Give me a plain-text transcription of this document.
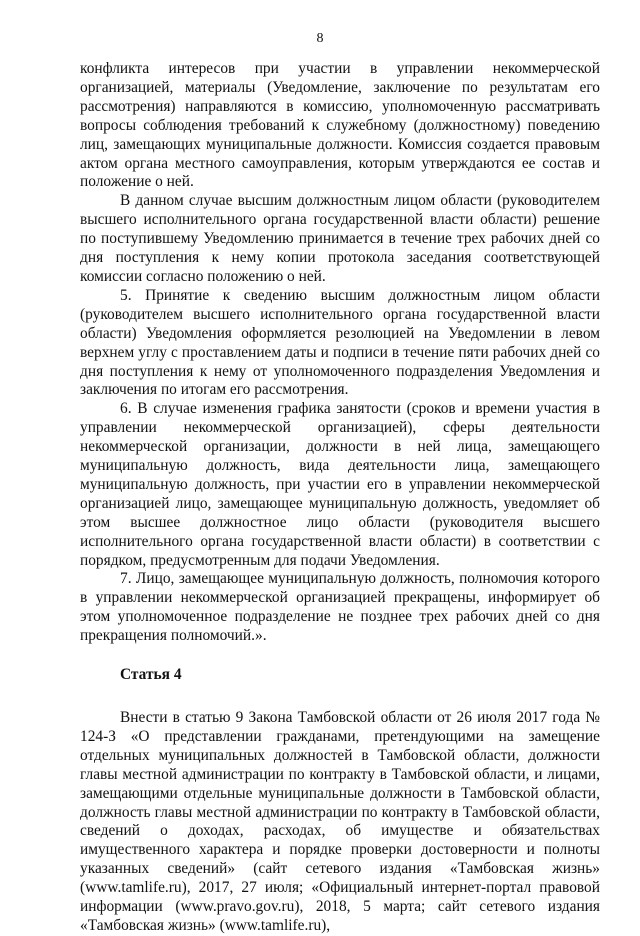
8

конфликта интересов при участии в управлении некоммерческой организацией, материалы (Уведомление, заключение по результатам его рассмотрения) направляются в комиссию, уполномоченную рассматривать вопросы соблюдения требований к служебному (должностному) поведению лиц, замещающих муниципальные должности. Комиссия создается правовым актом органа местного самоуправления, которым утверждаются ее состав и положение о ней.

В данном случае высшим должностным лицом области (руководителем высшего исполнительного органа государственной власти области) решение по поступившему Уведомлению принимается в течение трех рабочих дней со дня поступления к нему копии протокола заседания соответствующей комиссии согласно положению о ней.

5. Принятие к сведению высшим должностным лицом области (руководителем высшего исполнительного органа государственной власти области) Уведомления оформляется резолюцией на Уведомлении в левом верхнем углу с проставлением даты и подписи в течение пяти рабочих дней со дня поступления к нему от уполномоченного подразделения Уведомления и заключения по итогам его рассмотрения.

6. В случае изменения графика занятости (сроков и времени участия в управлении некоммерческой организацией), сферы деятельности некоммерческой организации, должности в ней лица, замещающего муниципальную должность, вида деятельности лица, замещающего муниципальную должность, при участии его в управлении некоммерческой организацией лицо, замещающее муниципальную должность, уведомляет об этом высшее должностное лицо области (руководителя высшего исполнительного органа государственной власти области) в соответствии с порядком, предусмотренным для подачи Уведомления.

7. Лицо, замещающее муниципальную должность, полномочия которого в управлении некоммерческой организацией прекращены, информирует об этом уполномоченное подразделение не позднее трех рабочих дней со дня прекращения полномочий.».

Статья 4

Внести в статью 9 Закона Тамбовской области от 26 июля 2017 года № 124-З «О представлении гражданами, претендующими на замещение отдельных муниципальных должностей в Тамбовской области, должности главы местной администрации по контракту в Тамбовской области, и лицами, замещающими отдельные муниципальные должности в Тамбовской области, должность главы местной администрации по контракту в Тамбовской области, сведений о доходах, расходах, об имуществе и обязательствах имущественного характера и порядке проверки достоверности и полноты указанных сведений» (сайт сетевого издания «Тамбовская жизнь» (www.tamlife.ru), 2017, 27 июля; «Официальный интернет-портал правовой информации (www.pravo.gov.ru), 2018, 5 марта; сайт сетевого издания «Тамбовская жизнь» (www.tamlife.ru),
